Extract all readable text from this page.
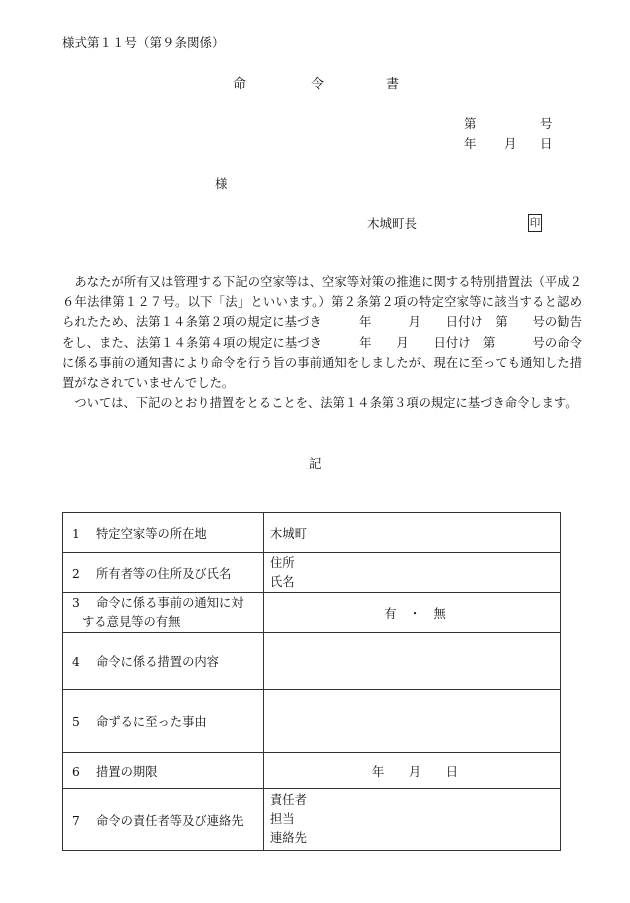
様式第１１号（第９条関係）
命	令	書
第	号
年 月 日
様
木城町長	印

　あなたが所有又は管理する下記の空家等は、空家等対策の推進に関する特別措置法（平成２６年法律第１２７号。以下「法」といいます。）第２条第２項の特定空家等に該当すると認められたため、法第１４条第２項の規定に基づき　　　年　　　月　　日付け　第　　号の勧告をし、また、法第１４条第４項の規定に基づき　　　年　　月　　日付け　第　　　号の命令に係る事前の通知書により命令を行う旨の事前通知をしましたが、現在に至っても通知した措置がなされていませんでした。

　ついては、下記のとおり措置をとることを、法第１４条第３項の規定に基づき命令します。

記
1 特定空家等の所在地	木城町
2 所有者等の住所及び氏名	住所
氏名

3 命令に係る事前の通知に対
する意見等の有無	有　・　無
4 命令に係る措置の内容	
5 命ずるに至った事由	
6 措置の期限	年　　月　　日
7 命令の責任者等及び連絡先	責任者
担当
連絡先
